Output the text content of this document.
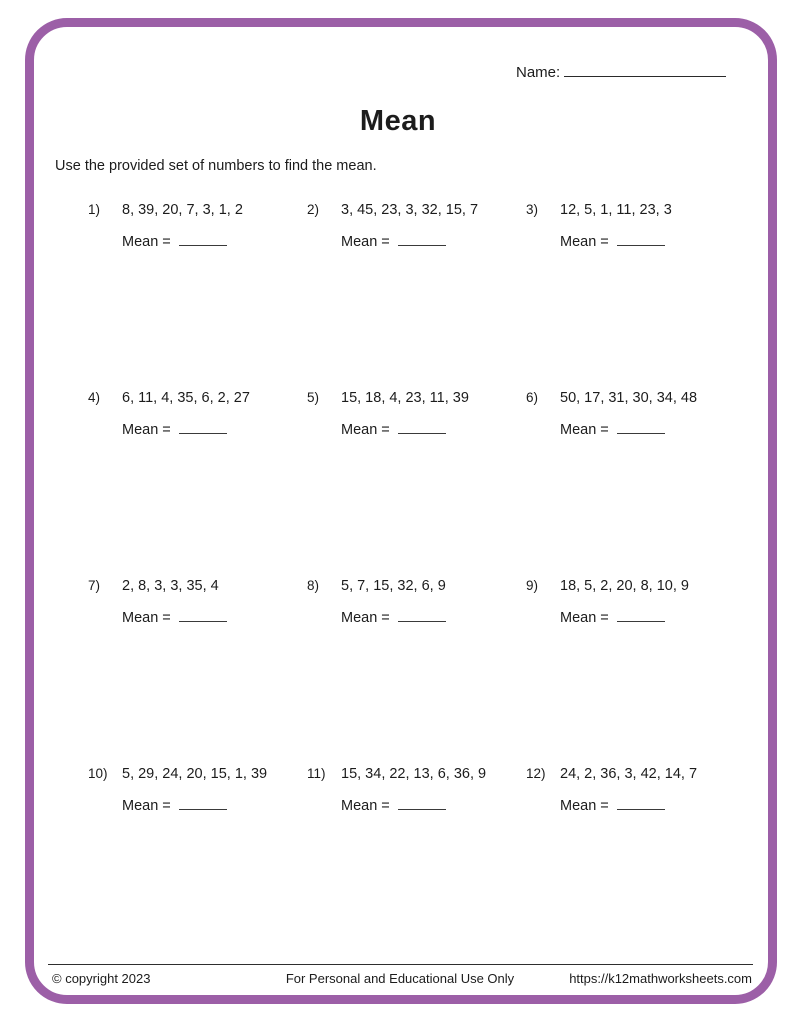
Name:
Mean
Use the provided set of numbers to find the mean.
1)	8, 39, 20, 7, 3, 1, 2
Mean =
2)	3, 45, 23, 3, 32, 15, 7
Mean =
3)	12, 5, 1, 11, 23, 3
Mean =
4)	6, 11, 4, 35, 6, 2, 27
Mean =
5)	15, 18, 4, 23, 11, 39
Mean =
6)	50, 17, 31, 30, 34, 48
Mean =
7)	2, 8, 3, 3, 35, 4
Mean =
8)	5, 7, 15, 32, 6, 9
Mean =
9)	18, 5, 2, 20, 8, 10, 9
Mean =
10) 5, 29, 24, 20, 15, 1, 39
Mean =
11)	15, 34, 22, 13, 6, 36, 9
Mean =
12) 24, 2, 36, 3, 42, 14, 7
Mean =
© copyright 2023	For Personal and Educational Use Only	https://k12mathworksheets.com
